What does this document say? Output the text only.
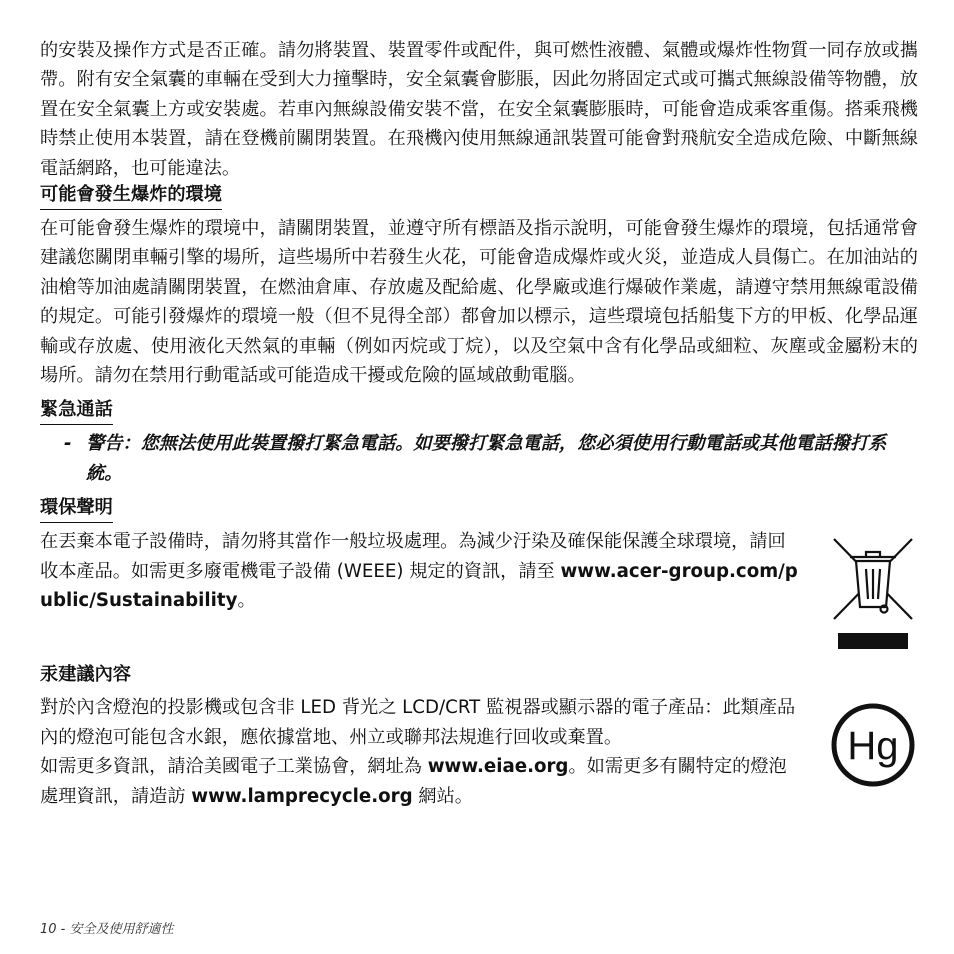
的安裝及操作方式是否正確。請勿將裝置、裝置零件或配件，與可燃性液體、氣體或爆炸性物質一同存放或攜帶。附有安全氣囊的車輛在受到大力撞擊時，安全氣囊會膨脹，因此勿將固定式或可攜式無線設備等物體，放置在安全氣囊上方或安裝處。若車內無線設備安裝不當，在安全氣囊膨脹時，可能會造成乘客重傷。搭乘飛機時禁止使用本裝置，請在登機前關閉裝置。在飛機內使用無線通訊裝置可能會對飛航安全造成危險、中斷無線電話網路，也可能違法。

可能會發生爆炸的環境

在可能會發生爆炸的環境中，請關閉裝置，並遵守所有標語及指示說明，可能會發生爆炸的環境，包括通常會建議您關閉車輛引擎的場所，這些場所中若發生火花，可能會造成爆炸或火災，並造成人員傷亡。在加油站的油槍等加油處請關閉裝置，在燃油倉庫、存放處及配給處、化學廠或進行爆破作業處，請遵守禁用無線電設備的規定。可能引發爆炸的環境一般（但不見得全部）都會加以標示，這些環境包括船隻下方的甲板、化學品運輸或存放處、使用液化天然氣的車輛（例如丙烷或丁烷），以及空氣中含有化學品或細粒、灰塵或金屬粉末的場所。請勿在禁用行動電話或可能造成干擾或危險的區域啟動電腦。

緊急通話
- 警告：您無法使用此裝置撥打緊急電話。如要撥打緊急電話，您必須使用行動電話或其他電話撥打系統。
環保聲明

在丟棄本電子設備時，請勿將其當作一般垃圾處理。為減少汙染及確保能保護全球環境，請回收本產品。如需更多廢電機電子設備 (WEEE) 規定的資訊，請至 www.acer-group.com/public/Sustainability。

汞建議內容

對於內含燈泡的投影機或包含非 LED 背光之 LCD/CRT 監視器或顯示器的電子產品：此類產品內的燈泡可能包含水銀，應依據當地、州立或聯邦法規進行回收或棄置。

如需更多資訊，請洽美國電子工業協會，網址為 www.eiae.org。如需更多有關特定的燈泡處理資訊，請造訪 www.lamprecycle.org 網站。

Hg
10 - 安全及使用舒適性
